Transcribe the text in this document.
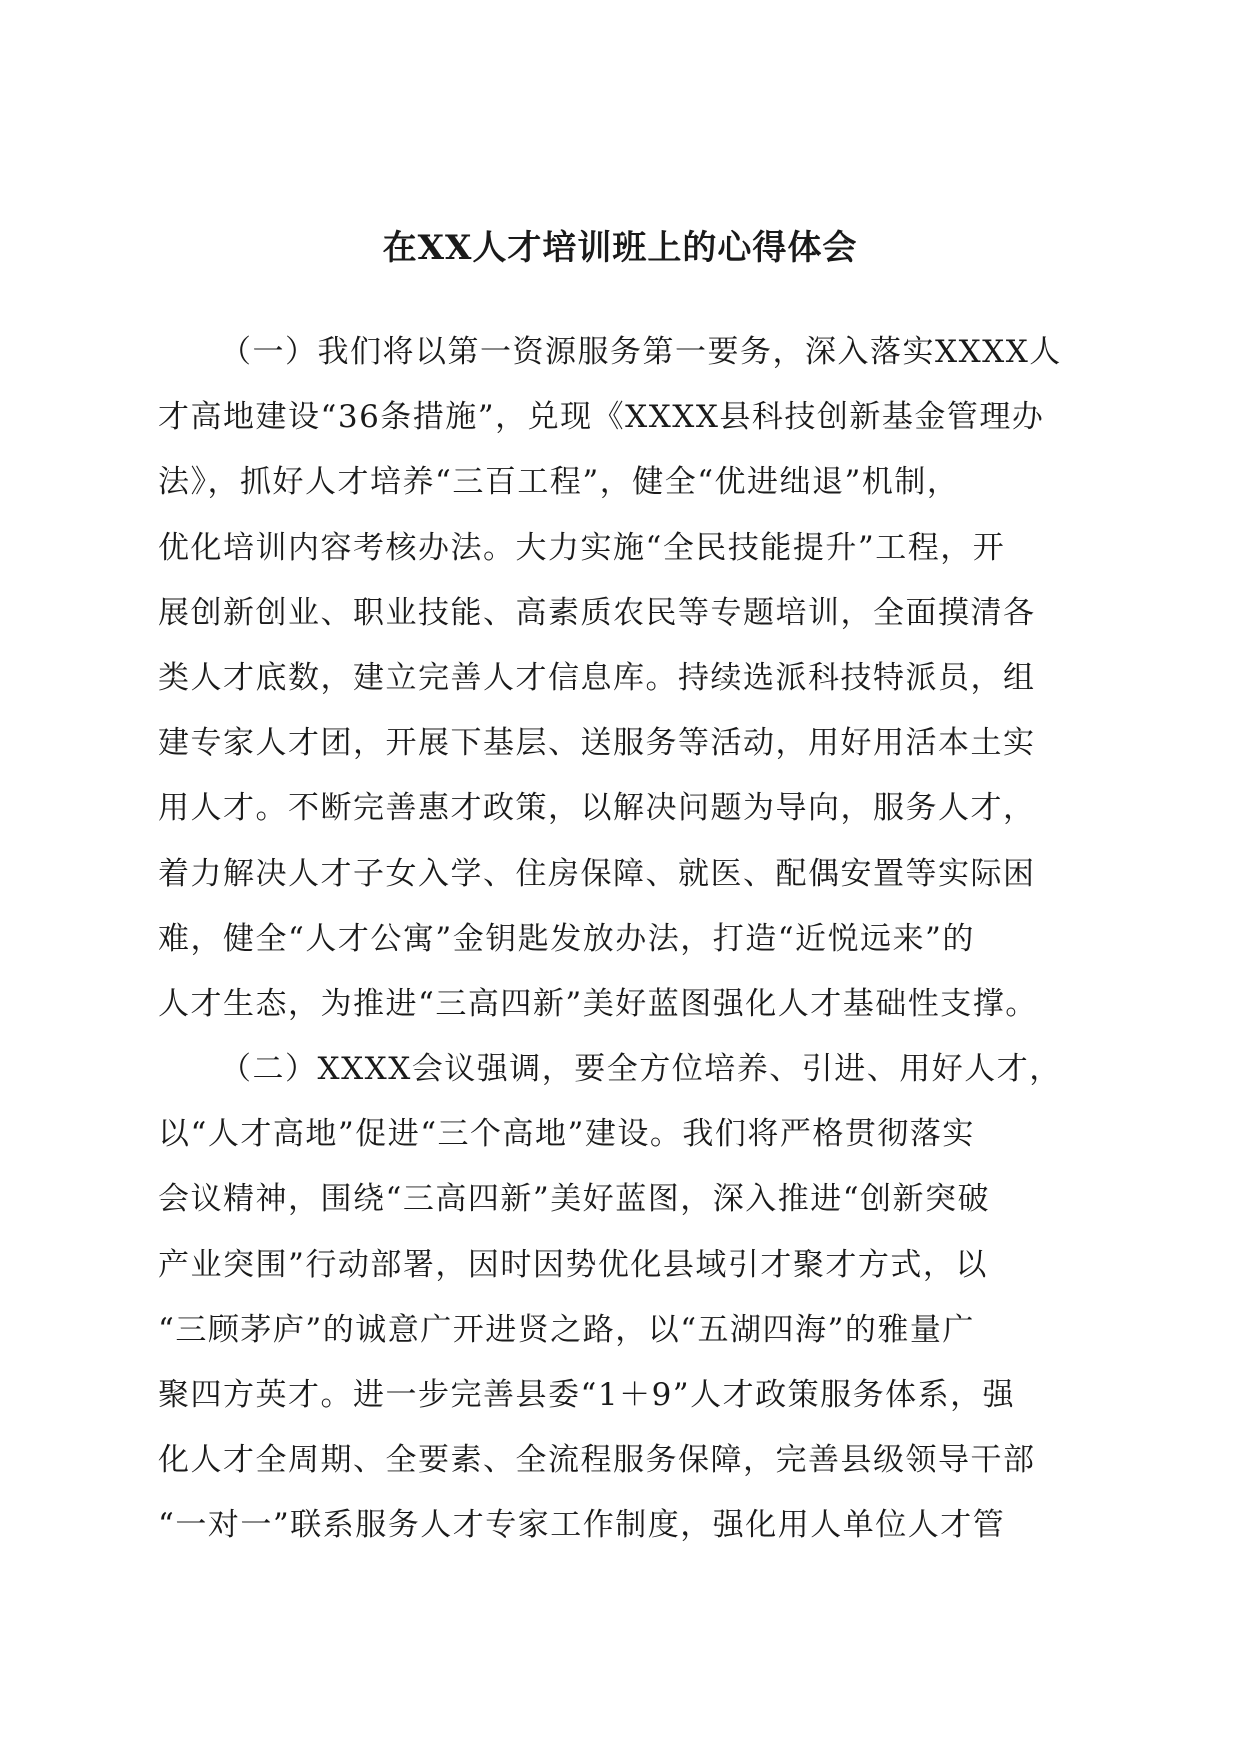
在XX人才培训班上的心得体会
（一）我们将以第一资源服务第一要务，深入落实XXXX人
才高地建设“36条措施”，兑现《XXXX县科技创新基金管理办
法》，抓好人才培养“三百工程”，健全“优进绌退”机制，
优化培训内容考核办法。大力实施“全民技能提升”工程，开
展创新创业、职业技能、高素质农民等专题培训，全面摸清各
类人才底数，建立完善人才信息库。持续选派科技特派员，组
建专家人才团，开展下基层、送服务等活动，用好用活本土实
用人才。不断完善惠才政策，以解决问题为导向，服务人才，
着力解决人才子女入学、住房保障、就医、配偶安置等实际困
难，健全“人才公寓”金钥匙发放办法，打造“近悦远来”的
人才生态，为推进“三高四新”美好蓝图强化人才基础性支撑。
（二）XXXX会议强调，要全方位培养、引进、用好人才，
以“人才高地”促进“三个高地”建设。我们将严格贯彻落实
会议精神，围绕“三高四新”美好蓝图，深入推进“创新突破
产业突围”行动部署，因时因势优化县域引才聚才方式，以
“三顾茅庐”的诚意广开进贤之路，以“五湖四海”的雅量广
聚四方英才。进一步完善县委“1＋9”人才政策服务体系，强
化人才全周期、全要素、全流程服务保障，完善县级领导干部
“一对一”联系服务人才专家工作制度，强化用人单位人才管
